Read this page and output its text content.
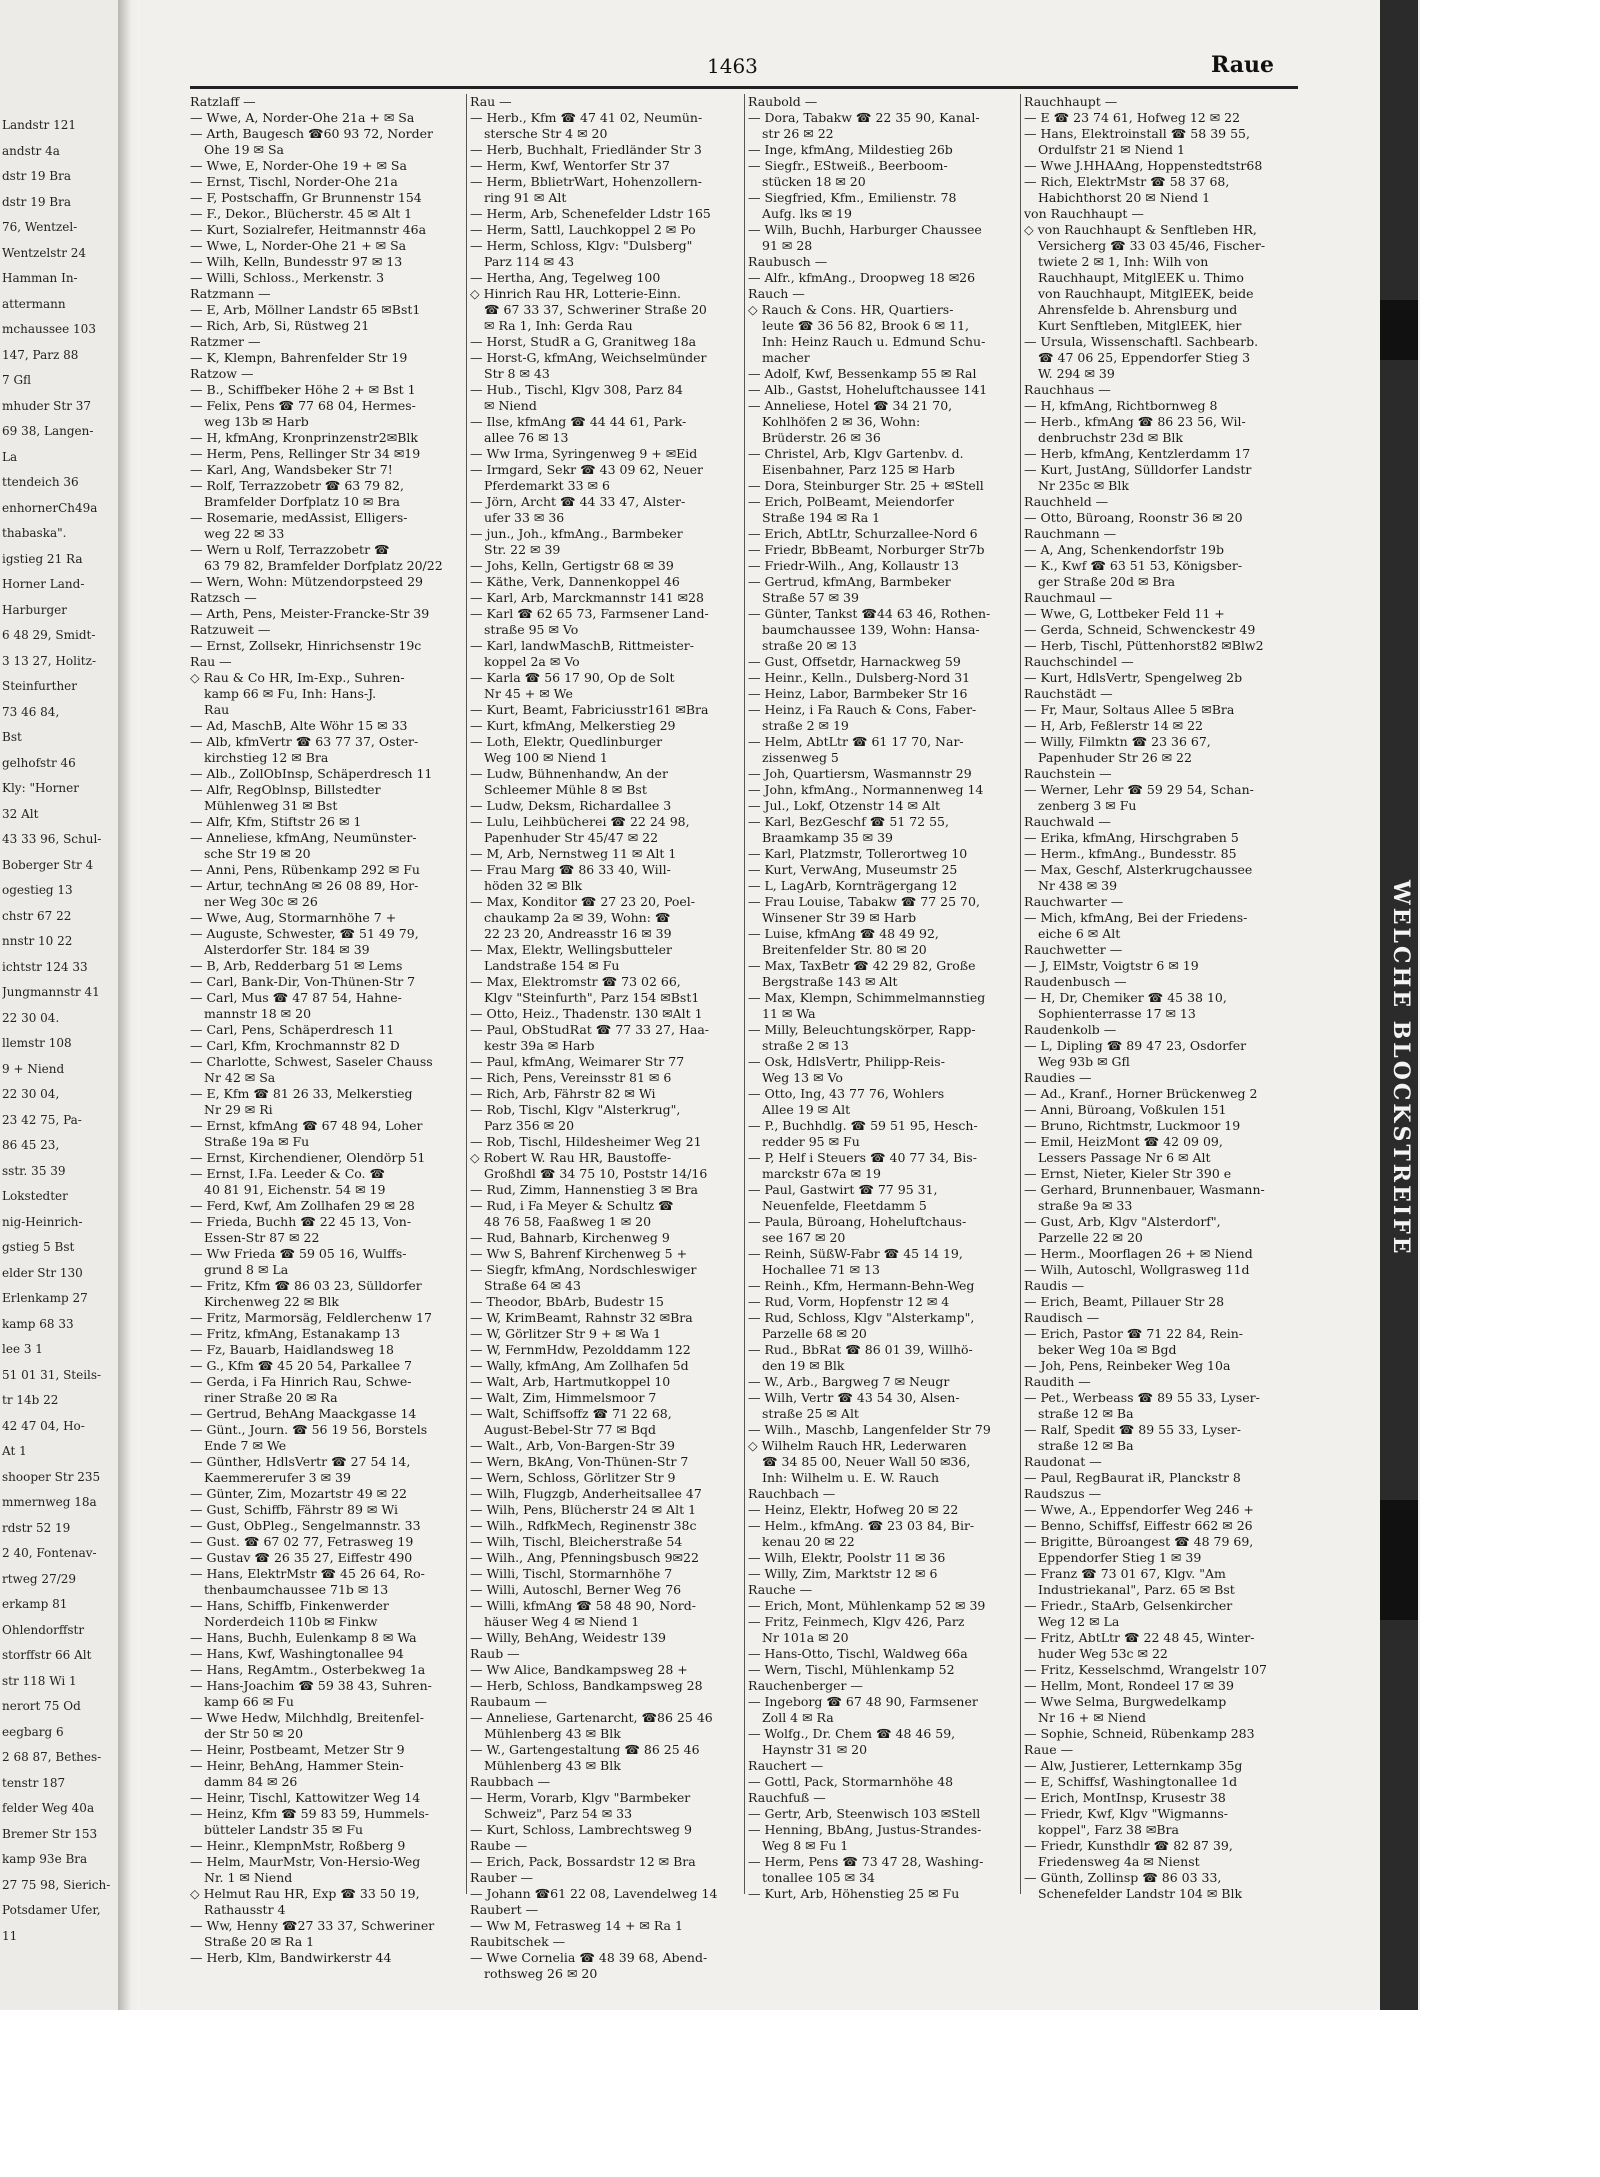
Landstr 121
andstr 4a
dstr 19 Bra
dstr 19 Bra
76, Wentzel-
Wentzelstr 24
Hamman In-
attermann
mchaussee 103
147, Parz 88
7 Gfl
mhuder Str 37
69 38, Langen-
La
ttendeich 36
enhornerCh49a
thabaska".
igstieg 21 Ra
Horner Land-
Harburger
6 48 29, Smidt-
3 13 27, Holitz-
Steinfurther
73 46 84,
Bst
gelhofstr 46
Kly: "Horner
32 Alt
43 33 96, Schul-
Boberger Str 4
ogestieg 13
chstr 67 22
nnstr 10 22
ichtstr 124 33
Jungmannstr 41
22 30 04.
llemstr 108
9 + Niend
22 30 04,
23 42 75, Pa-
86 45 23,
sstr. 35 39
Lokstedter
nig-Heinrich-
gstieg 5 Bst
elder Str 130
Erlenkamp 27
kamp 68 33
lee 3 1
51 01 31, Steils-
tr 14b 22
42 47 04, Ho-
At 1
shooper Str 235
mmernweg 18a
rdstr 52 19
2 40, Fontenav-
rtweg 27/29
erkamp 81
Ohlendorffstr
storffstr 66 Alt
str 118 Wi 1
nerort 75 Od
eegbarg 6
2 68 87, Bethes-
tenstr 187
felder Weg 40a
Bremer Str 153
kamp 93e Bra
27 75 98, Sierich-
Potsdamer Ufer,
11
1463	Raue
Ratzlaff —
— Wwe, A, Norder-Ohe 21a + ✉ Sa
— Arth, Baugesch ☎60 93 72, Norder
Ohe 19 ✉ Sa
— Wwe, E, Norder-Ohe 19 + ✉ Sa
— Ernst, Tischl, Norder-Ohe 21a
— F, Postschaffn, Gr Brunnenstr 154
— F., Dekor., Blücherstr. 45 ✉ Alt 1
— Kurt, Sozialrefer, Heitmannstr 46a
— Wwe, L, Norder-Ohe 21 + ✉ Sa
— Wilh, Kelln, Bundesstr 97 ✉ 13
— Willi, Schloss., Merkenstr. 3
Ratzmann —
— E, Arb, Möllner Landstr 65 ✉Bst1
— Rich, Arb, Si, Rüstweg 21
Ratzmer —
— K, Klempn, Bahrenfelder Str 19
Ratzow —
— B., Schiffbeker Höhe 2 + ✉ Bst 1
— Felix, Pens ☎ 77 68 04, Hermes-
weg 13b ✉ Harb
— H, kfmAng, Kronprinzenstr2✉Blk
— Herm, Pens, Rellinger Str 34 ✉19
— Karl, Ang, Wandsbeker Str 7!
— Rolf, Terrazzobetr ☎ 63 79 82,
Bramfelder Dorfplatz 10 ✉ Bra
— Rosemarie, medAssist, Elligers-
weg 22 ✉ 33
— Wern u Rolf, Terrazzobetr ☎
63 79 82, Bramfelder Dorfplatz 20/22
— Wern, Wohn: Mützendorpsteed 29
Ratzsch —
— Arth, Pens, Meister-Francke-Str 39
Ratzuweit —
— Ernst, Zollsekr, Hinrichsenstr 19c
Rau —
◇ Rau & Co HR, Im-Exp., Suhren-
kamp 66 ✉ Fu, Inh: Hans-J.
Rau
— Ad, MaschB, Alte Wöhr 15 ✉ 33
— Alb, kfmVertr ☎ 63 77 37, Oster-
kirchstieg 12 ✉ Bra
— Alb., ZollObInsp, Schäperdresch 11
— Alfr, RegOblnsp, Billstedter
Mühlenweg 31 ✉ Bst
— Alfr, Kfm, Stiftstr 26 ✉ 1
— Anneliese, kfmAng, Neumünster-
sche Str 19 ✉ 20
— Anni, Pens, Rübenkamp 292 ✉ Fu
— Artur, technAng ✉ 26 08 89, Hor-
ner Weg 30c ✉ 26
— Wwe, Aug, Stormarnhöhe 7 +
— Auguste, Schwester, ☎ 51 49 79,
Alsterdorfer Str. 184 ✉ 39
— B, Arb, Redderbarg 51 ✉ Lems
— Carl, Bank-Dir, Von-Thünen-Str 7
— Carl, Mus ☎ 47 87 54, Hahne-
mannstr 18 ✉ 20
— Carl, Pens, Schäperdresch 11
— Carl, Kfm, Krochmannstr 82 D
— Charlotte, Schwest, Saseler Chauss
Nr 42 ✉ Sa
— E, Kfm ☎ 81 26 33, Melkerstieg
Nr 29 ✉ Ri
— Ernst, kfmAng ☎ 67 48 94, Loher
Straße 19a ✉ Fu
— Ernst, Kirchendiener, Olendörp 51
— Ernst, I.Fa. Leeder & Co. ☎
40 81 91, Eichenstr. 54 ✉ 19
— Ferd, Kwf, Am Zollhafen 29 ✉ 28
— Frieda, Buchh ☎ 22 45 13, Von-
Essen-Str 87 ✉ 22
— Ww Frieda ☎ 59 05 16, Wulffs-
grund 8 ✉ La
— Fritz, Kfm ☎ 86 03 23, Sülldorfer
Kirchenweg 22 ✉ Blk
— Fritz, Marmorsäg, Feldlerchenw 17
— Fritz, kfmAng, Estanakamp 13
— Fz, Bauarb, Haidlandsweg 18
— G., Kfm ☎ 45 20 54, Parkallee 7
— Gerda, i Fa Hinrich Rau, Schwe-
riner Straße 20 ✉ Ra
— Gertrud, BehAng Maackgasse 14
— Günt., Journ. ☎ 56 19 56, Borstels
Ende 7 ✉ We
— Günther, HdlsVertr ☎ 27 54 14,
Kaemmererufer 3 ✉ 39
— Günter, Zim, Mozartstr 49 ✉ 22
— Gust, Schiffb, Fährstr 89 ✉ Wi
— Gust, ObPleg., Sengelmannstr. 33
— Gust. ☎ 67 02 77, Fetrasweg 19
— Gustav ☎ 26 35 27, Eiffestr 490
— Hans, ElektrMstr ☎ 45 26 64, Ro-
thenbaumchaussee 71b ✉ 13
— Hans, Schiffb, Finkenwerder
Norderdeich 110b ✉ Finkw
— Hans, Buchh, Eulenkamp 8 ✉ Wa
— Hans, Kwf, Washingtonallee 94
— Hans, RegAmtm., Osterbekweg 1a
— Hans-Joachim ☎ 59 38 43, Suhren-
kamp 66 ✉ Fu
— Wwe Hedw, Milchhdlg, Breitenfel-
der Str 50 ✉ 20
— Heinr, Postbeamt, Metzer Str 9
— Heinr, BehAng, Hammer Stein-
damm 84 ✉ 26
— Heinr, Tischl, Kattowitzer Weg 14
— Heinz, Kfm ☎ 59 83 59, Hummels-
bütteler Landstr 35 ✉ Fu
— Heinr., KlempnMstr, Roßberg 9
— Helm, MaurMstr, Von-Hersio-Weg
Nr. 1 ✉ Niend
◇ Helmut Rau HR, Exp ☎ 33 50 19,
Rathausstr 4
— Ww, Henny ☎27 33 37, Schweriner
Straße 20 ✉ Ra 1
— Herb, Klm, Bandwirkerstr 44
Rau —
— Herb., Kfm ☎ 47 41 02, Neumün-
stersche Str 4 ✉ 20
— Herb, Buchhalt, Friedländer Str 3
— Herm, Kwf, Wentorfer Str 37
— Herm, BblietrWart, Hohenzollern-
ring 91 ✉ Alt
— Herm, Arb, Schenefelder Ldstr 165
— Herm, Sattl, Lauchkoppel 2 ✉ Po
— Herm, Schloss, Klgv: "Dulsberg"
Parz 114 ✉ 43
— Hertha, Ang, Tegelweg 100
◇ Hinrich Rau HR, Lotterie-Einn.
☎ 67 33 37, Schweriner Straße 20
✉ Ra 1, Inh: Gerda Rau
— Horst, StudR a G, Granitweg 18a
— Horst-G, kfmAng, Weichselmünder
Str 8 ✉ 43
— Hub., Tischl, Klgv 308, Parz 84
✉ Niend
— Ilse, kfmAng ☎ 44 44 61, Park-
allee 76 ✉ 13
— Ww Irma, Syringenweg 9 + ✉Eid
— Irmgard, Sekr ☎ 43 09 62, Neuer
Pferdemarkt 33 ✉ 6
— Jörn, Archt ☎ 44 33 47, Alster-
ufer 33 ✉ 36
— jun., Joh., kfmAng., Barmbeker
Str. 22 ✉ 39
— Johs, Kelln, Gertigstr 68 ✉ 39
— Käthe, Verk, Dannenkoppel 46
— Karl, Arb, Marckmannstr 141 ✉28
— Karl ☎ 62 65 73, Farmsener Land-
straße 95 ✉ Vo
— Karl, landwMaschB, Rittmeister-
koppel 2a ✉ Vo
— Karla ☎ 56 17 90, Op de Solt
Nr 45 + ✉ We
— Kurt, Beamt, Fabriciusstr161 ✉Bra
— Kurt, kfmAng, Melkerstieg 29
— Loth, Elektr, Quedlinburger
Weg 100 ✉ Niend 1
— Ludw, Bühnenhandw, An der
Schleemer Mühle 8 ✉ Bst
— Ludw, Deksm, Richardallee 3
— Lulu, Leihbücherei ☎ 22 24 98,
Papenhuder Str 45/47 ✉ 22
— M, Arb, Nernstweg 11 ✉ Alt 1
— Frau Marg ☎ 86 33 40, Will-
höden 32 ✉ Blk
— Max, Konditor ☎ 27 23 20, Poel-
chaukamp 2a ✉ 39, Wohn: ☎
22 23 20, Andreasstr 16 ✉ 39
— Max, Elektr, Wellingsbutteler
Landstraße 154 ✉ Fu
— Max, Elektromstr ☎ 73 02 66,
Klgv "Steinfurth", Parz 154 ✉Bst1
— Otto, Heiz., Thadenstr. 130 ✉Alt 1
— Paul, ObStudRat ☎ 77 33 27, Haa-
kestr 39a ✉ Harb
— Paul, kfmAng, Weimarer Str 77
— Rich, Pens, Vereinsstr 81 ✉ 6
— Rich, Arb, Fährstr 82 ✉ Wi
— Rob, Tischl, Klgv "Alsterkrug",
Parz 356 ✉ 20
— Rob, Tischl, Hildesheimer Weg 21
◇ Robert W. Rau HR, Baustoffe-
Großhdl ☎ 34 75 10, Poststr 14/16
— Rud, Zimm, Hannenstieg 3 ✉ Bra
— Rud, i Fa Meyer & Schultz ☎
48 76 58, Faaßweg 1 ✉ 20
— Rud, Bahnarb, Kirchenweg 9
— Ww S, Bahrenf Kirchenweg 5 +
— Siegfr, kfmAng, Nordschleswiger
Straße 64 ✉ 43
— Theodor, BbArb, Budestr 15
— W, KrimBeamt, Rahnstr 32 ✉Bra
— W, Görlitzer Str 9 + ✉ Wa 1
— W, FernmHdw, Pezolddamm 122
— Wally, kfmAng, Am Zollhafen 5d
— Walt, Arb, Hartmutkoppel 10
— Walt, Zim, Himmelsmoor 7
— Walt, Schiffsoffz ☎ 71 22 68,
August-Bebel-Str 77 ✉ Bqd
— Walt., Arb, Von-Bargen-Str 39
— Wern, BkAng, Von-Thünen-Str 7
— Wern, Schloss, Görlitzer Str 9
— Wilh, Flugzgb, Anderheitsallee 47
— Wilh, Pens, Blücherstr 24 ✉ Alt 1
— Wilh., RdfkMech, Reginenstr 38c
— Wilh, Tischl, Bleicherstraße 54
— Wilh., Ang, Pfenningsbusch 9✉22
— Willi, Tischl, Stormarnhöhe 7
— Willi, Autoschl, Berner Weg 76
— Willi, kfmAng ☎ 58 48 90, Nord-
häuser Weg 4 ✉ Niend 1
— Willy, BehAng, Weidestr 139
Raub —
— Ww Alice, Bandkampsweg 28 +
— Herb, Schloss, Bandkampsweg 28
Raubaum —
— Anneliese, Gartenarcht, ☎86 25 46
Mühlenberg 43 ✉ Blk
— W., Gartengestaltung ☎ 86 25 46
Mühlenberg 43 ✉ Blk
Raubbach —
— Herm, Vorarb, Klgv "Barmbeker
Schweiz", Parz 54 ✉ 33
— Kurt, Schloss, Lambrechtsweg 9
Raube —
— Erich, Pack, Bossardstr 12 ✉ Bra
Rauber —
— Johann ☎61 22 08, Lavendelweg 14
Raubert —
— Ww M, Fetrasweg 14 + ✉ Ra 1
Raubitschek —
— Wwe Cornelia ☎ 48 39 68, Abend-
rothsweg 26 ✉ 20
Raubold —
— Dora, Tabakw ☎ 22 35 90, Kanal-
str 26 ✉ 22
— Inge, kfmAng, Mildestieg 26b
— Siegfr., EStweiß., Beerboom-
stücken 18 ✉ 20
— Siegfried, Kfm., Emilienstr. 78
Aufg. lks ✉ 19
— Wilh, Buchh, Harburger Chaussee
91 ✉ 28
Raubusch —
— Alfr., kfmAng., Droopweg 18 ✉26
Rauch —
◇ Rauch & Cons. HR, Quartiers-
leute ☎ 36 56 82, Brook 6 ✉ 11,
Inh: Heinz Rauch u. Edmund Schu-
macher
— Adolf, Kwf, Bessenkamp 55 ✉ Ral
— Alb., Gastst, Hoheluftchaussee 141
— Anneliese, Hotel ☎ 34 21 70,
Kohlhöfen 2 ✉ 36, Wohn:
Brüderstr. 26 ✉ 36
— Christel, Arb, Klgv Gartenbv. d.
Eisenbahner, Parz 125 ✉ Harb
— Dora, Steinburger Str. 25 + ✉Stell
— Erich, PolBeamt, Meiendorfer
Straße 194 ✉ Ra 1
— Erich, AbtLtr, Schurzallee-Nord 6
— Friedr, BbBeamt, Norburger Str7b
— Friedr-Wilh., Ang, Kollaustr 13
— Gertrud, kfmAng, Barmbeker
Straße 57 ✉ 39
— Günter, Tankst ☎44 63 46, Rothen-
baumchaussee 139, Wohn: Hansa-
straße 20 ✉ 13
— Gust, Offsetdr, Harnackweg 59
— Heinr., Kelln., Dulsberg-Nord 31
— Heinz, Labor, Barmbeker Str 16
— Heinz, i Fa Rauch & Cons, Faber-
straße 2 ✉ 19
— Helm, AbtLtr ☎ 61 17 70, Nar-
zissenweg 5
— Joh, Quartiersm, Wasmannstr 29
— John, kfmAng., Normannenweg 14
— Jul., Lokf, Otzenstr 14 ✉ Alt
— Karl, BezGeschf ☎ 51 72 55,
Braamkamp 35 ✉ 39
— Karl, Platzmstr, Tollerortweg 10
— Kurt, VerwAng, Museumstr 25
— L, LagArb, Kornträgergang 12
— Frau Louise, Tabakw ☎ 77 25 70,
Winsener Str 39 ✉ Harb
— Luise, kfmAng ☎ 48 49 92,
Breitenfelder Str. 80 ✉ 20
— Max, TaxBetr ☎ 42 29 82, Große
Bergstraße 143 ✉ Alt
— Max, Klempn, Schimmelmannstieg
11 ✉ Wa
— Milly, Beleuchtungskörper, Rapp-
straße 2 ✉ 13
— Osk, HdlsVertr, Philipp-Reis-
Weg 13 ✉ Vo
— Otto, Ing, 43 77 76, Wohlers
Allee 19 ✉ Alt
— P., Buchhdlg. ☎ 59 51 95, Hesch-
redder 95 ✉ Fu
— P, Helf i Steuers ☎ 40 77 34, Bis-
marckstr 67a ✉ 19
— Paul, Gastwirt ☎ 77 95 31,
Neuenfelde, Fleetdamm 5
— Paula, Büroang, Hoheluftchaus-
see 167 ✉ 20
— Reinh, SüßW-Fabr ☎ 45 14 19,
Hochallee 71 ✉ 13
— Reinh., Kfm, Hermann-Behn-Weg
— Rud, Vorm, Hopfenstr 12 ✉ 4
— Rud, Schloss, Klgv "Alsterkamp",
Parzelle 68 ✉ 20
— Rud., BbRat ☎ 86 01 39, Willhö-
den 19 ✉ Blk
— W., Arb., Bargweg 7 ✉ Neugr
— Wilh, Vertr ☎ 43 54 30, Alsen-
straße 25 ✉ Alt
— Wilh., Maschb, Langenfelder Str 79
◇ Wilhelm Rauch HR, Lederwaren
☎ 34 85 00, Neuer Wall 50 ✉36,
Inh: Wilhelm u. E. W. Rauch
Rauchbach —
— Heinz, Elektr, Hofweg 20 ✉ 22
— Helm., kfmAng. ☎ 23 03 84, Bir-
kenau 20 ✉ 22
— Wilh, Elektr, Poolstr 11 ✉ 36
— Willy, Zim, Marktstr 12 ✉ 6
Rauche —
— Erich, Mont, Mühlenkamp 52 ✉ 39
— Fritz, Feinmech, Klgv 426, Parz
Nr 101a ✉ 20
— Hans-Otto, Tischl, Waldweg 66a
— Wern, Tischl, Mühlenkamp 52
Rauchenberger —
— Ingeborg ☎ 67 48 90, Farmsener
Zoll 4 ✉ Ra
— Wolfg., Dr. Chem ☎ 48 46 59,
Haynstr 31 ✉ 20
Rauchert —
— Gottl, Pack, Stormarnhöhe 48
Rauchfuß —
— Gertr, Arb, Steenwisch 103 ✉Stell
— Henning, BbAng, Justus-Strandes-
Weg 8 ✉ Fu 1
— Herm, Pens ☎ 73 47 28, Washing-
tonallee 105 ✉ 34
— Kurt, Arb, Höhenstieg 25 ✉ Fu
Rauchhaupt —
— E ☎ 23 74 61, Hofweg 12 ✉ 22
— Hans, Elektroinstall ☎ 58 39 55,
Ordulfstr 21 ✉ Niend 1
— Wwe J.HHAAng, Hoppenstedtstr68
— Rich, ElektrMstr ☎ 58 37 68,
Habichthorst 20 ✉ Niend 1
von Rauchhaupt —
◇ von Rauchhaupt & Senftleben HR,
Versicherg ☎ 33 03 45/46, Fischer-
twiete 2 ✉ 1, Inh: Wilh von
Rauchhaupt, MitglEEK u. Thimo
von Rauchhaupt, MitglEEK, beide
Ahrensfelde b. Ahrensburg und
Kurt Senftleben, MitglEEK, hier
— Ursula, Wissenschaftl. Sachbearb.
☎ 47 06 25, Eppendorfer Stieg 3
W. 294 ✉ 39
Rauchhaus —
— H, kfmAng, Richtbornweg 8
— Herb., kfmAng ☎ 86 23 56, Wil-
denbruchstr 23d ✉ Blk
— Herb, kfmAng, Kentzlerdamm 17
— Kurt, JustAng, Sülldorfer Landstr
Nr 235c ✉ Blk
Rauchheld —
— Otto, Büroang, Roonstr 36 ✉ 20
Rauchmann —
— A, Ang, Schenkendorfstr 19b
— K., Kwf ☎ 63 51 53, Königsber-
ger Straße 20d ✉ Bra
Rauchmaul —
— Wwe, G, Lottbeker Feld 11 +
— Gerda, Schneid, Schwenckestr 49
— Herb, Tischl, Püttenhorst82 ✉Blw2
Rauchschindel —
— Kurt, HdlsVertr, Spengelweg 2b
Rauchstädt —
— Fr, Maur, Soltaus Allee 5 ✉Bra
— H, Arb, Feßlerstr 14 ✉ 22
— Willy, Filmktn ☎ 23 36 67,
Papenhuder Str 26 ✉ 22
Rauchstein —
— Werner, Lehr ☎ 59 29 54, Schan-
zenberg 3 ✉ Fu
Rauchwald —
— Erika, kfmAng, Hirschgraben 5
— Herm., kfmAng., Bundesstr. 85
— Max, Geschf, Alsterkrugchaussee
Nr 438 ✉ 39
Rauchwarter —
— Mich, kfmAng, Bei der Friedens-
eiche 6 ✉ Alt
Rauchwetter —
— J, ElMstr, Voigtstr 6 ✉ 19
Raudenbusch —
— H, Dr, Chemiker ☎ 45 38 10,
Sophienterrasse 17 ✉ 13
Raudenkolb —
— L, Dipling ☎ 89 47 23, Osdorfer
Weg 93b ✉ Gfl
Raudies —
— Ad., Kranf., Horner Brückenweg 2
— Anni, Büroang, Voßkulen 151
— Bruno, Richtmstr, Luckmoor 19
— Emil, HeizMont ☎ 42 09 09,
Lessers Passage Nr 6 ✉ Alt
— Ernst, Nieter, Kieler Str 390 e
— Gerhard, Brunnenbauer, Wasmann-
straße 9a ✉ 33
— Gust, Arb, Klgv "Alsterdorf",
Parzelle 22 ✉ 20
— Herm., Moorflagen 26 + ✉ Niend
— Wilh, Autoschl, Wollgrasweg 11d
Raudis —
— Erich, Beamt, Pillauer Str 28
Raudisch —
— Erich, Pastor ☎ 71 22 84, Rein-
beker Weg 10a ✉ Bgd
— Joh, Pens, Reinbeker Weg 10a
Raudith —
— Pet., Werbeass ☎ 89 55 33, Lyser-
straße 12 ✉ Ba
— Ralf, Spedit ☎ 89 55 33, Lyser-
straße 12 ✉ Ba
Raudonat —
— Paul, RegBaurat iR, Planckstr 8
Raudszus —
— Wwe, A., Eppendorfer Weg 246 +
— Benno, Schiffsf, Eiffestr 662 ✉ 26
— Brigitte, Büroangest ☎ 48 79 69,
Eppendorfer Stieg 1 ✉ 39
— Franz ☎ 73 01 67, Klgv. "Am
Industriekanal", Parz. 65 ✉ Bst
— Friedr., StaArb, Gelsenkircher
Weg 12 ✉ La
— Fritz, AbtLtr ☎ 22 48 45, Winter-
huder Weg 53c ✉ 22
— Fritz, Kesselschmd, Wrangelstr 107
— Hellm, Mont, Rondeel 17 ✉ 39
— Wwe Selma, Burgwedelkamp
Nr 16 + ✉ Niend
— Sophie, Schneid, Rübenkamp 283
Raue —
— Alw, Justierer, Letternkamp 35g
— E, Schiffsf, Washingtonallee 1d
— Erich, MontInsp, Krusestr 38
— Friedr, Kwf, Klgv "Wigmanns-
koppel", Farz 38 ✉Bra
— Friedr, Kunsthdlr ☎ 82 87 39,
Friedensweg 4a ✉ Nienst
— Günth, Zollinsp ☎ 86 03 33,
Schenefelder Landstr 104 ✉ Blk
WELCHE BLOCKSTREIFE
